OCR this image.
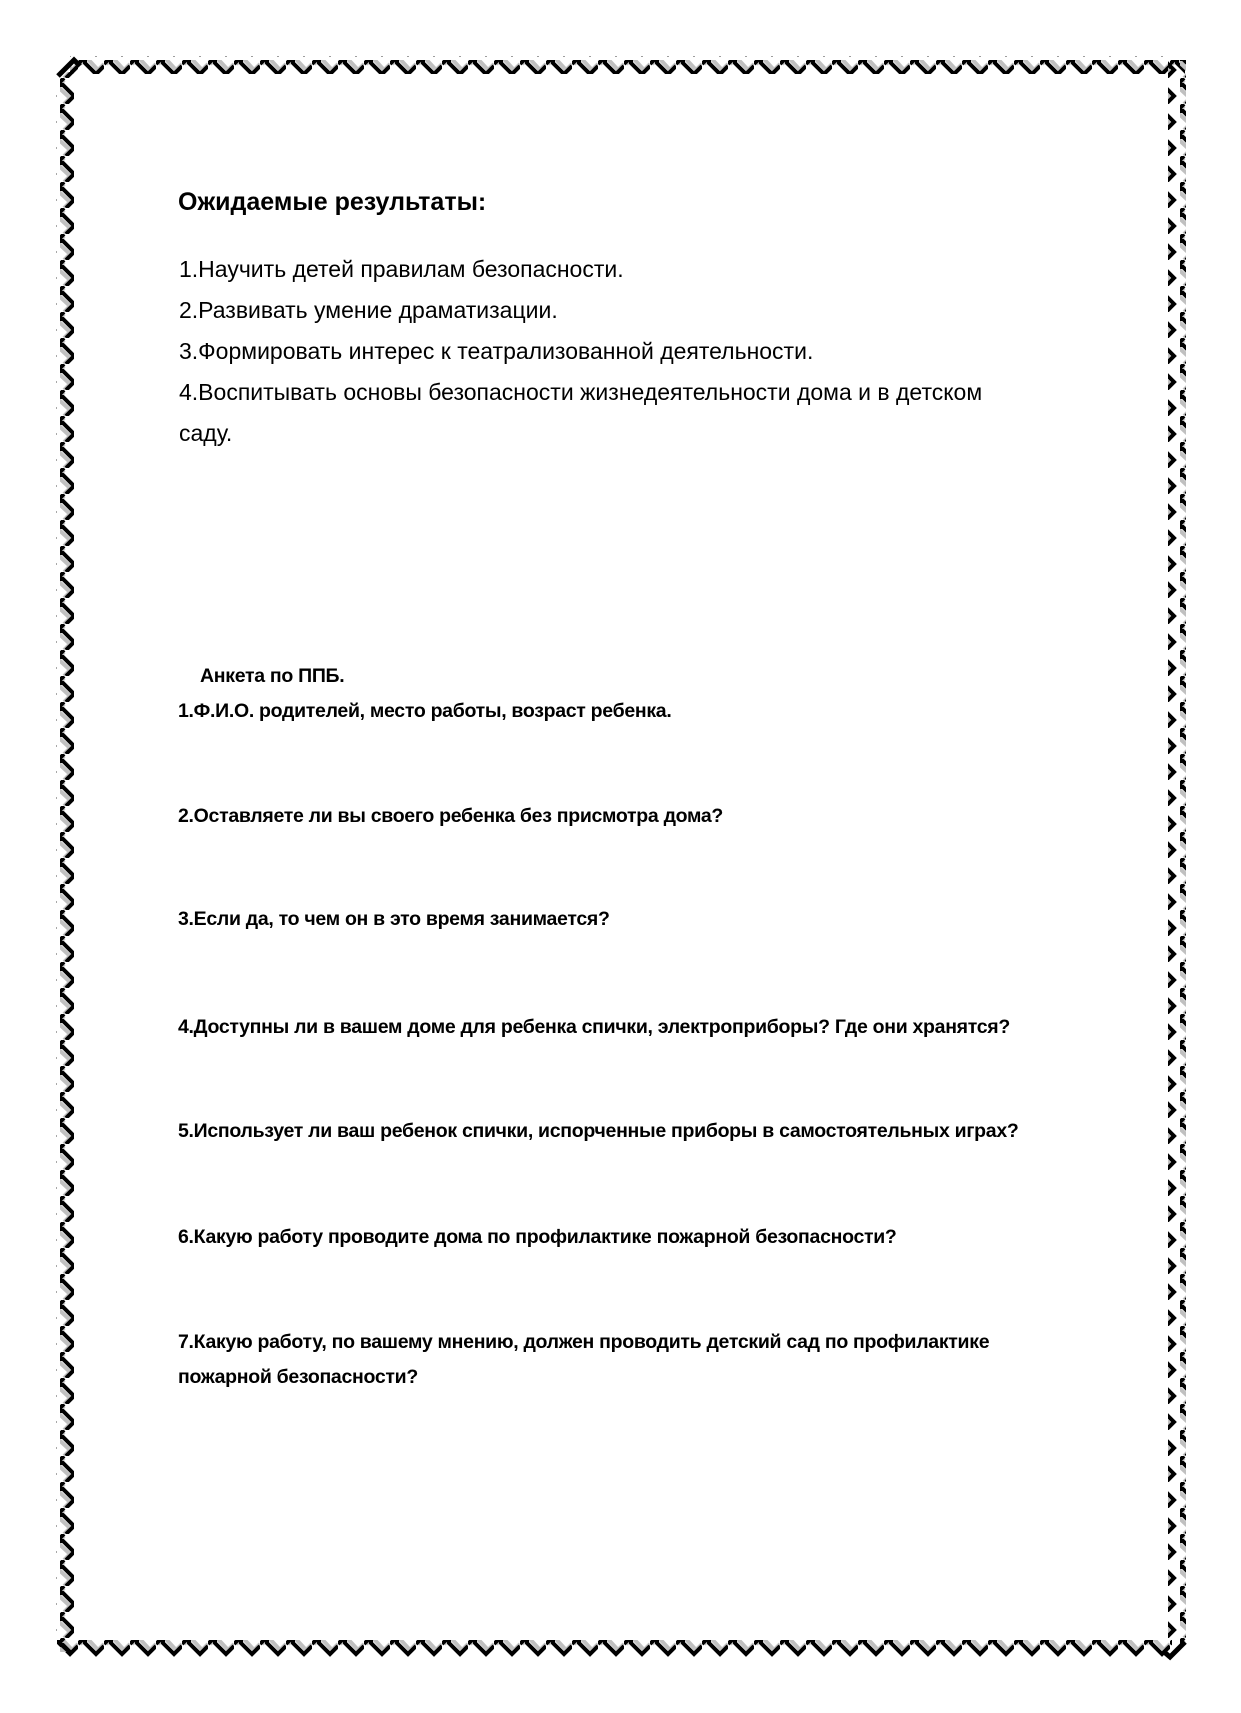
Ожидаемые результаты:
1.Научить детей правилам безопасности.
2.Развивать умение драматизации.
3.Формировать интерес к театрализованной деятельности.
4.Воспитывать основы безопасности жизнедеятельности дома и в детском
саду.
Анкета по ППБ.
1.Ф.И.О. родителей, место работы, возраст ребенка.
2.Оставляете ли вы своего ребенка без присмотра дома?
3.Если да, то чем он в это время занимается?
4.Доступны ли в вашем доме для ребенка спички, электроприборы? Где они хранятся?
5.Использует ли ваш ребенок спички, испорченные приборы в самостоятельных играх?
6.Какую работу проводите дома по профилактике пожарной безопасности?
7.Какую работу, по вашему мнению, должен проводить детский сад по профилактике
пожарной безопасности?
